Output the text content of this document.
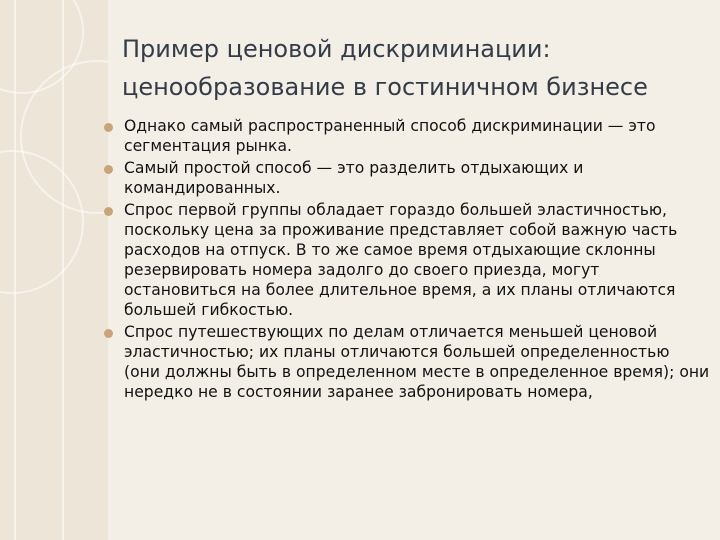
Пример ценовой дискриминации:
ценообразование в гостиничном бизнесе
Однако самый распространенный способ дискриминации — это сегментация рынка.
Самый простой способ — это разделить отдыхающих и командированных.
Спрос первой группы обладает гораздо большей эластичностью, поскольку цена за проживание представляет собой важную часть расходов на отпуск. В то же самое время отдыхающие склонны резервировать номера задолго до своего приезда, могут остановиться на более длительное время, а их планы отличаются большей гибкостью.
Спрос путешествующих по делам отличается меньшей ценовой эластичностью; их планы отличаются большей определенностью (они должны быть в определенном месте в определенное время); они нередко не в состоянии заранее забронировать номера,
